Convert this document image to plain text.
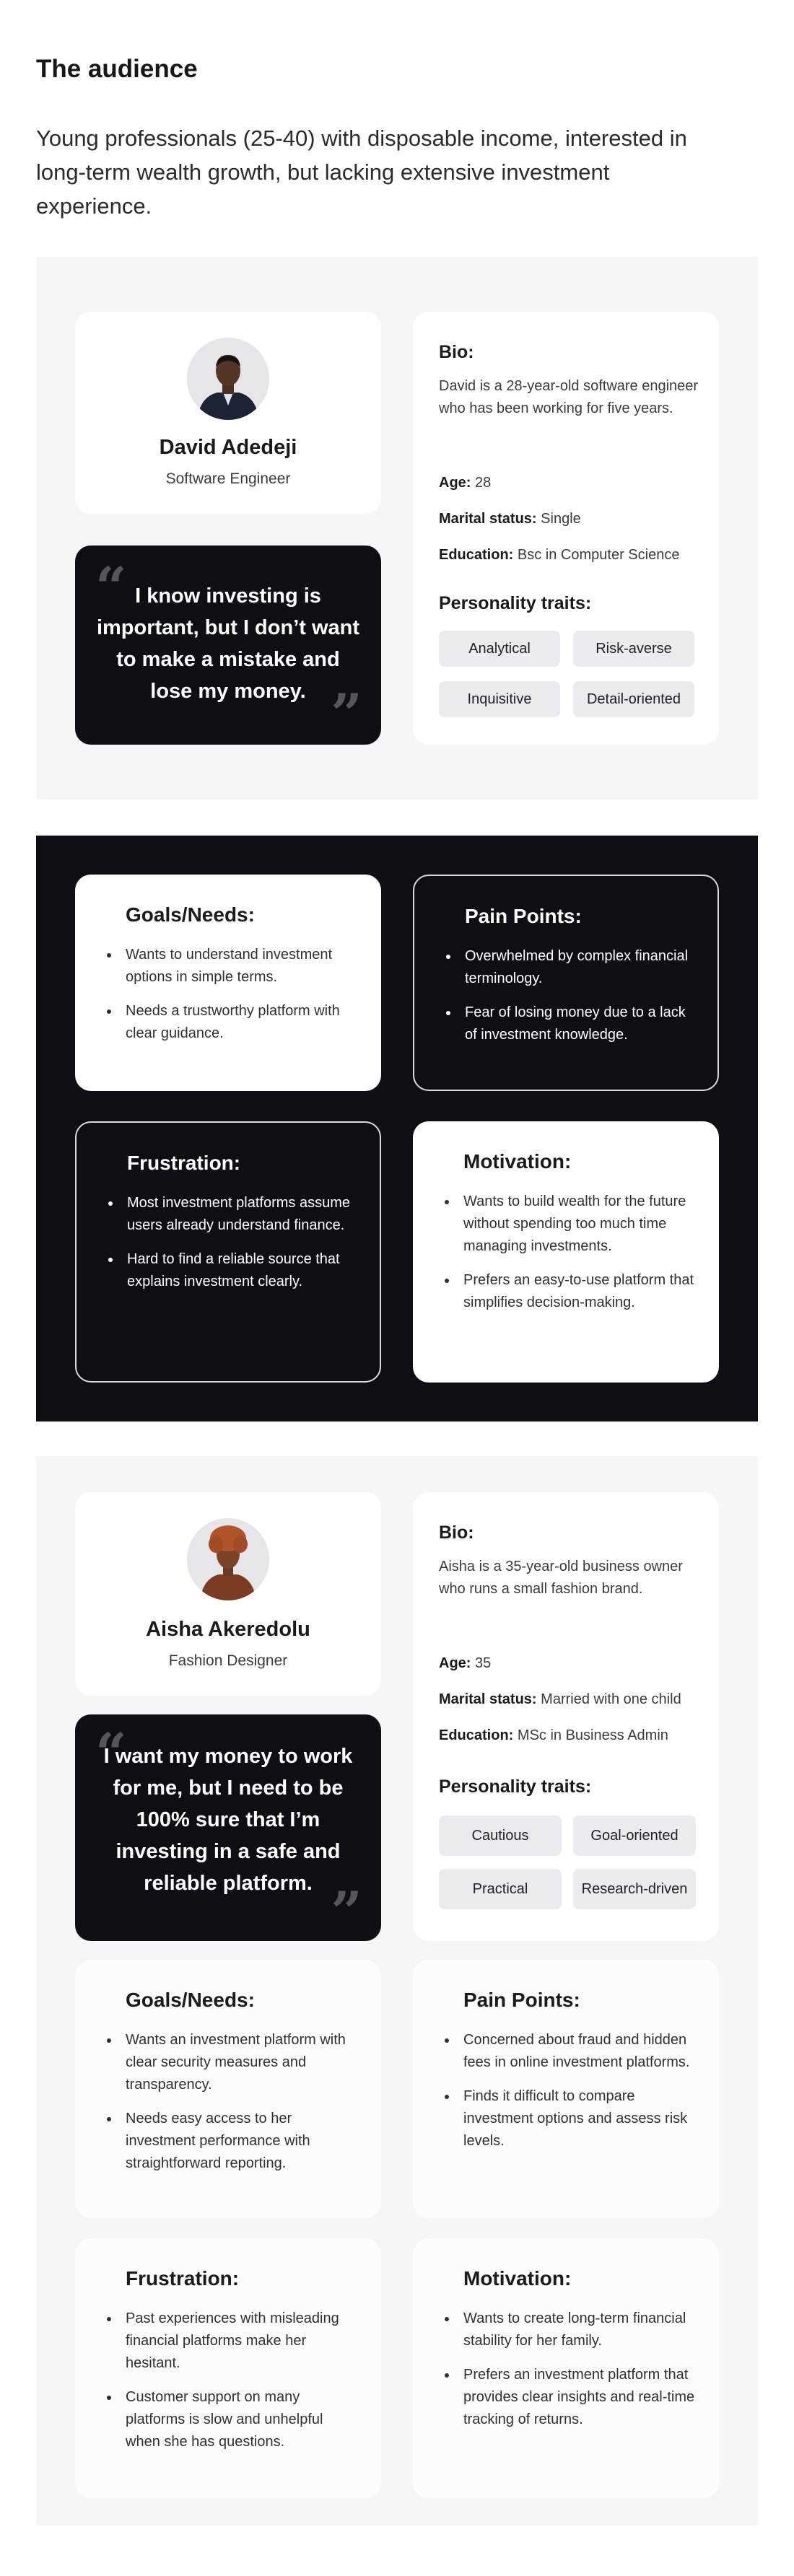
The audience

Young professionals (25-40) with disposable income, interested in long-term wealth growth, but lacking extensive investment experience.

David Adedeji
Software Engineer
“ I know investing is important, but I don’t want to make a mistake and lose my money. ”
Bio:
David is a 28-year-old software engineer who has been working for five years.
Age: 28
Marital status: Single
Education: Bsc in Computer Science
Personality traits:
Analytical	Risk-averse
Inquisitive	Detail-oriented
Goals/Needs:
Wants to understand investment options in simple terms.
Needs a trustworthy platform with clear guidance.
Pain Points:
Overwhelmed by complex financial terminology.
Fear of losing money due to a lack of investment knowledge.
Frustration:
Most investment platforms assume users already understand finance.
Hard to find a reliable source that explains investment clearly.
Motivation:
Wants to build wealth for the future without spending too much time managing investments.
Prefers an easy-to-use platform that simplifies decision-making.
Aisha Akeredolu
Fashion Designer
“
I want my money to work for me, but I need to be 100% sure that I’m investing in a safe and reliable platform. ”
Bio:
Aisha is a 35-year-old business owner who runs a small fashion brand.
Age: 35
Marital status: Married with one child
Education: MSc in Business Admin
Personality traits:
Cautious	Goal-oriented
Practical	Research-driven
Goals/Needs:
Wants an investment platform with clear security measures and transparency.
Needs easy access to her investment performance with straightforward reporting.
Pain Points:
Concerned about fraud and hidden fees in online investment platforms.
Finds it difficult to compare investment options and assess risk levels.
Frustration:
Past experiences with misleading financial platforms make her hesitant.
Customer support on many platforms is slow and unhelpful when she has questions.
Motivation:
Wants to create long-term financial stability for her family.
Prefers an investment platform that provides clear insights and real-time tracking of returns.
